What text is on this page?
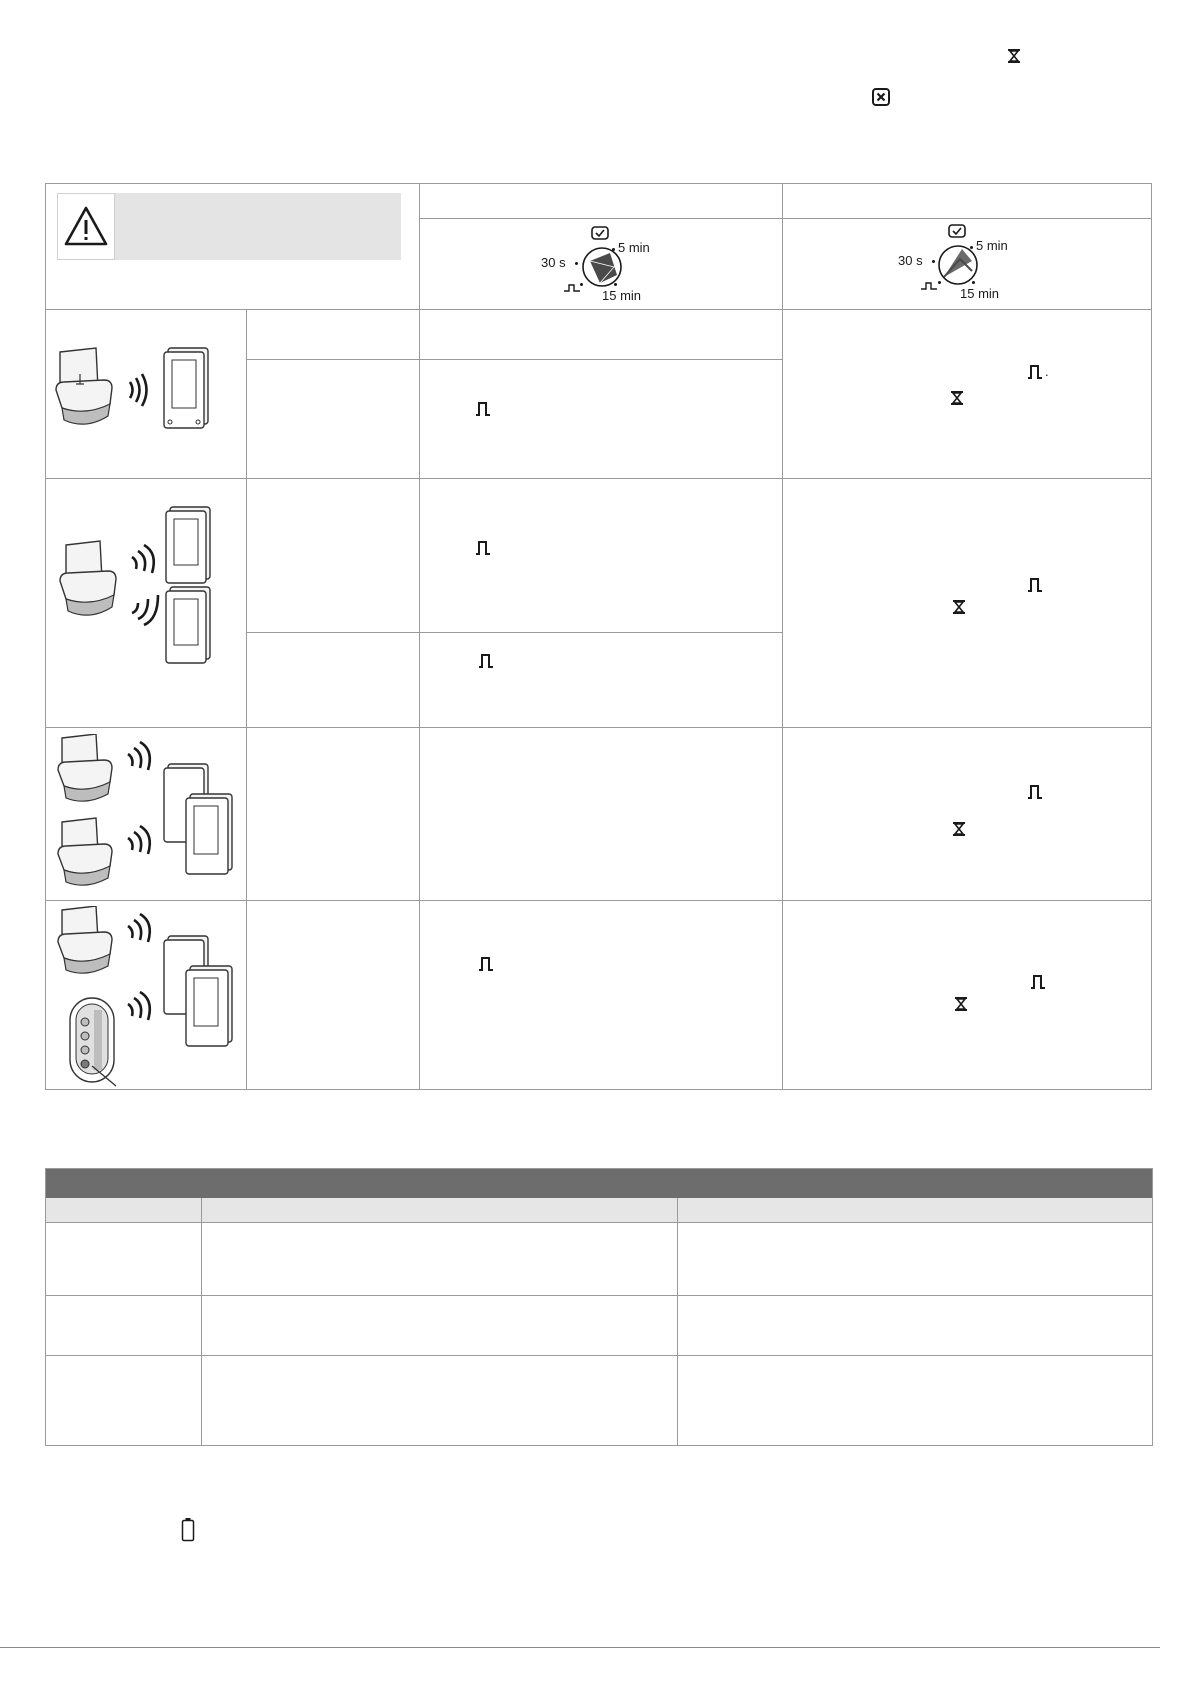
30 s
5 min
15 min
30 s
5 min
15 min
.
